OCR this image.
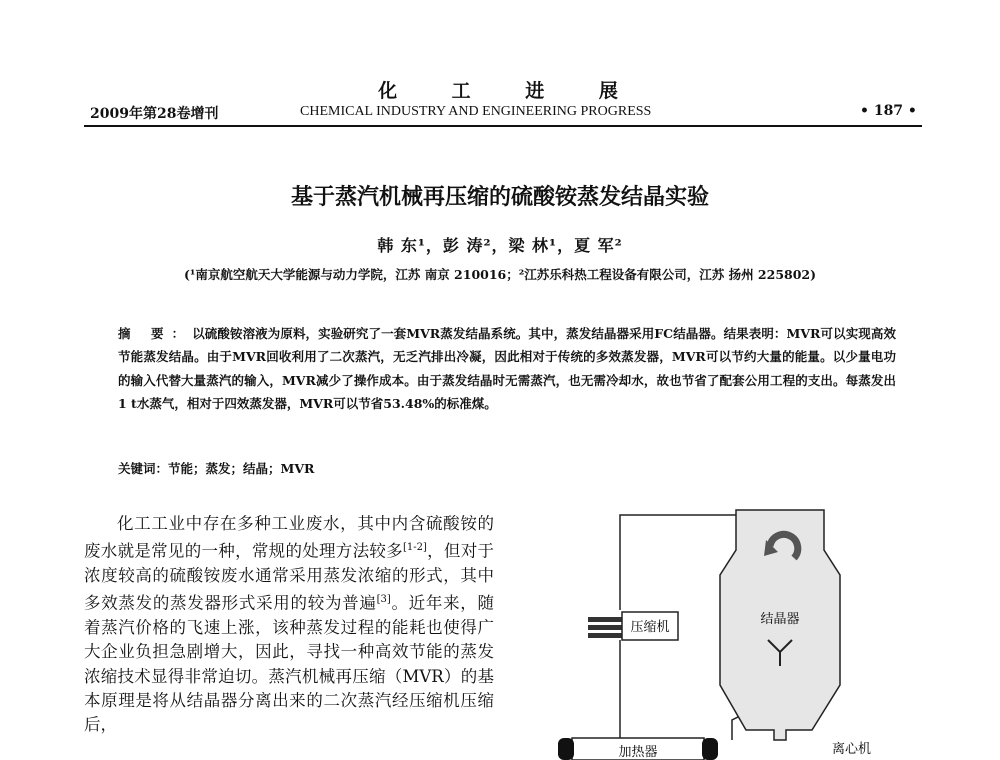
化 工 进 展
2009年第28卷增刊	CHEMICAL INDUSTRY AND ENGINEERING PROGRESS	• 187 •
基于蒸汽机械再压缩的硫酸铵蒸发结晶实验
韩 东¹，彭 涛²，梁 林¹，夏 军²
(¹南京航空航天大学能源与动力学院，江苏 南京 210016；²江苏乐科热工程设备有限公司，江苏 扬州 225802)
摘 要：以硫酸铵溶液为原料，实验研究了一套MVR蒸发结晶系统。其中，蒸发结晶器采用FC结晶器。结果表明：MVR可以实现高效节能蒸发结晶。由于MVR回收利用了二次蒸汽，无乏汽排出冷凝，因此相对于传统的多效蒸发器，MVR可以节约大量的能量。以少量电功的输入代替大量蒸汽的输入，MVR减少了操作成本。由于蒸发结晶时无需蒸汽，也无需冷却水，故也节省了配套公用工程的支出。每蒸发出1 t水蒸气，相对于四效蒸发器，MVR可以节省53.48%的标准煤。
关键词：节能；蒸发；结晶；MVR
化工工业中存在多种工业废水，其中内含硫酸铵的废水就是常见的一种，常规的处理方法较多[1-2]，但对于浓度较高的硫酸铵废水通常采用蒸发浓缩的形式，其中多效蒸发的蒸发器形式采用的较为普遍[3]。近年来，随着蒸汽价格的飞速上涨，该种蒸发过程的能耗也使得广大企业负担急剧增大，因此，寻找一种高效节能的蒸发浓缩技术显得非常迫切。蒸汽机械再压缩（MVR）的基本原理是将从结晶器分离出来的二次蒸汽经压缩机压缩后，
压缩机
结晶器
加热器	离心机
